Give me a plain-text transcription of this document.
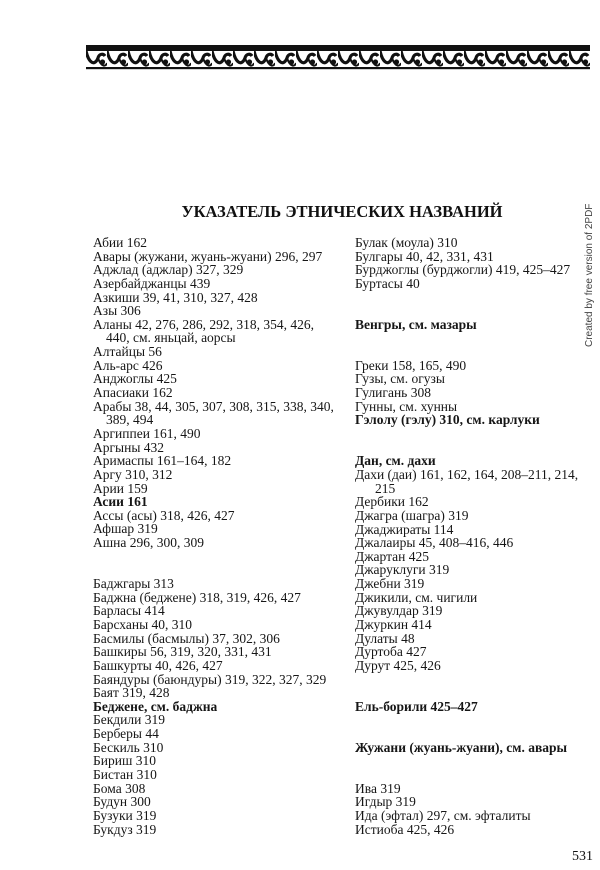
УКАЗАТЕЛЬ ЭТНИЧЕСКИХ НАЗВАНИЙ	Created by free version of 2PDF
Абии 162
Авары (жужани, жуань-жуани) 296, 297
Аджлад (аджлар) 327, 329
Азербайджанцы 439
Азкиши 39, 41, 310, 327, 428
Азы 306
Аланы 42, 276, 286, 292, 318, 354, 426,
440, см. яньцай, аорсы
Алтайцы 56
Аль-арс 426
Анджоглы 425
Апасиаки 162
Арабы 38, 44, 305, 307, 308, 315, 338, 340,
389, 494
Аргиппеи 161, 490
Аргыны 432
Аримаспы 161–164, 182
Аргу 310, 312
Арии 159
Асии 161
Ассы (асы) 318, 426, 427
Афшар 319
Ашна 296, 300, 309
Баджгары 313
Баджна (беджене) 318, 319, 426, 427
Барласы 414
Барсханы 40, 310
Басмилы (басмылы) 37, 302, 306
Башкиры 56, 319, 320, 331, 431
Башкурты 40, 426, 427
Баяндуры (баюндуры) 319, 322, 327, 329
Баят 319, 428
Беджене, см. баджна
Бекдили 319
Берберы 44
Бескиль 310
Бириш 310
Бистан 310
Бома 308
Будун 300
Бузуки 319
Букдуз 319
Булак (моула) 310
Булгары 40, 42, 331, 431
Бурджоглы (бурджогли) 419, 425–427
Буртасы 40
Венгры, см. мазары
Греки 158, 165, 490
Гузы, см. огузы
Гулигань 308
Гунны, см. хунны
Гэлолу (гэлу) 310, см. карлуки
Дан, см. дахи
Дахи (даи) 161, 162, 164, 208–211, 214,
215
Дербики 162
Джагра (шагра) 319
Джаджираты 114
Джалаиры 45, 408–416, 446
Джартан 425
Джаруклуги 319
Джебни 319
Джикили, см. чигили
Джувулдар 319
Джуркин 414
Дулаты 48
Дуртоба 427
Дурут 425, 426
Ель-борили 425–427
Жужани (жуань-жуани), см. авары
Ива 319
Игдыр 319
Ида (эфтал) 297, см. эфталиты
Истиоба 425, 426
531
